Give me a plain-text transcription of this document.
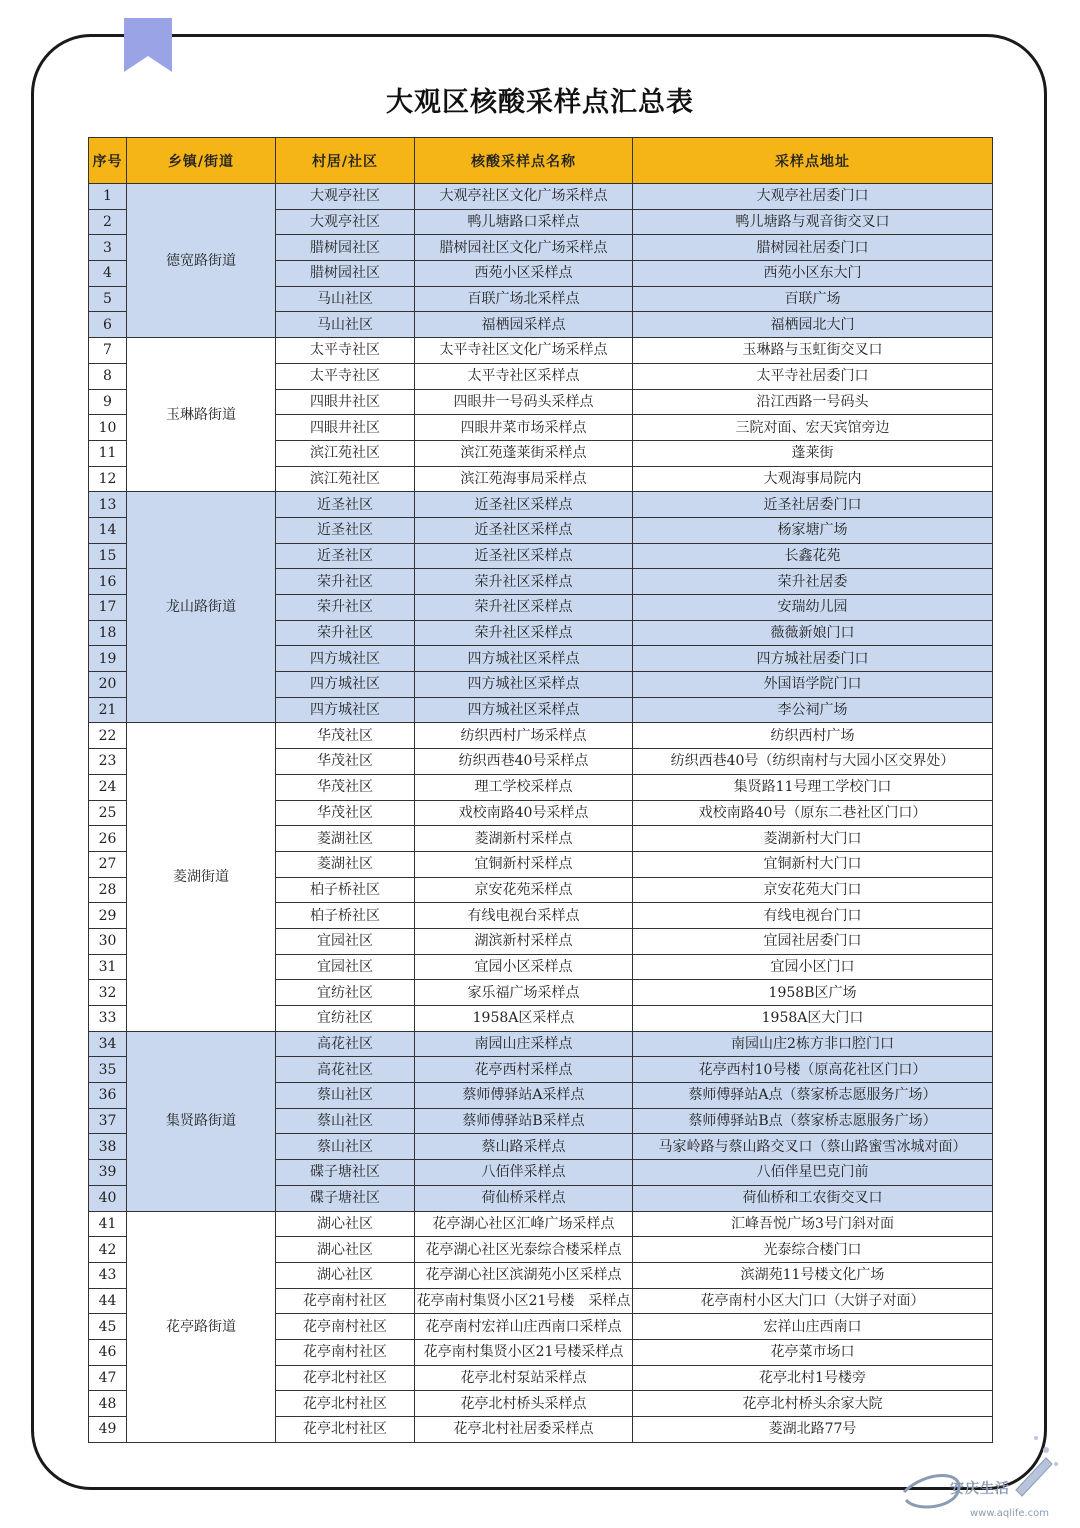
大观区核酸采样点汇总表
序号	乡镇/街道	村居/社区	核酸采样点名称	采样点地址
1	德宽路街道	大观亭社区	大观亭社区文化广场采样点	大观亭社居委门口
2		大观亭社区	鸭儿塘路口采样点	鸭儿塘路与观音街交叉口
3		腊树园社区	腊树园社区文化广场采样点	腊树园社居委门口
4		腊树园社区	西苑小区采样点	西苑小区东大门
5		马山社区	百联广场北采样点	百联广场
6		马山社区	福栖园采样点	福栖园北大门
7	玉琳路街道	太平寺社区	太平寺社区文化广场采样点	玉琳路与玉虹街交叉口
8		太平寺社区	太平寺社区采样点	太平寺社居委门口
9		四眼井社区	四眼井一号码头采样点	沿江西路一号码头
10		四眼井社区	四眼井菜市场采样点	三院对面、宏天宾馆旁边
11		滨江苑社区	滨江苑蓬莱街采样点	蓬莱街
12		滨江苑社区	滨江苑海事局采样点	大观海事局院内
13	龙山路街道	近圣社区	近圣社区采样点	近圣社居委门口
14		近圣社区	近圣社区采样点	杨家塘广场
15		近圣社区	近圣社区采样点	长鑫花苑
16		荣升社区	荣升社区采样点	荣升社居委
17		荣升社区	荣升社区采样点	安瑞幼儿园
18		荣升社区	荣升社区采样点	薇薇新娘门口
19		四方城社区	四方城社区采样点	四方城社居委门口
20		四方城社区	四方城社区采样点	外国语学院门口
21		四方城社区	四方城社区采样点	李公祠广场
22	菱湖街道	华茂社区	纺织西村广场采样点	纺织西村广场
23		华茂社区	纺织西巷40号采样点	纺织西巷40号（纺织南村与大园小区交界处）
24		华茂社区	理工学校采样点	集贤路11号理工学校门口
25		华茂社区	戏校南路40号采样点	戏校南路40号（原东二巷社区门口）
26		菱湖社区	菱湖新村采样点	菱湖新村大门口
27		菱湖社区	宜铜新村采样点	宜铜新村大门口
28		柏子桥社区	京安花苑采样点	京安花苑大门口
29		柏子桥社区	有线电视台采样点	有线电视台门口
30		宜园社区	湖滨新村采样点	宜园社居委门口
31		宜园社区	宜园小区采样点	宜园小区门口
32		宜纺社区	家乐福广场采样点	1958B区广场
33		宜纺社区	1958A区采样点	1958A区大门口
34	集贤路街道	高花社区	南园山庄采样点	南园山庄2栋方非口腔门口
35		高花社区	花亭西村采样点	花亭西村10号楼（原高花社区门口）
36		蔡山社区	蔡师傅驿站A采样点	蔡师傅驿站A点（蔡家桥志愿服务广场）
37		蔡山社区	蔡师傅驿站B采样点	蔡师傅驿站B点（蔡家桥志愿服务广场）
38		蔡山社区	蔡山路采样点	马家岭路与蔡山路交叉口（蔡山路蜜雪冰城对面）
39		碟子塘社区	八佰伴采样点	八佰伴星巴克门前
40		碟子塘社区	荷仙桥采样点	荷仙桥和工农街交叉口
41	花亭路街道	湖心社区	花亭湖心社区汇峰广场采样点	汇峰吾悦广场3号门斜对面
42		湖心社区	花亭湖心社区光泰综合楼采样点	光泰综合楼门口
43		湖心社区	花亭湖心社区滨湖苑小区采样点	滨湖苑11号楼文化广场
44		花亭南村社区	花亭南村集贤小区21号楼　采样点	花亭南村小区大门口（大饼子对面）
45		花亭南村社区	花亭南村宏祥山庄西南口采样点	宏祥山庄西南口
46		花亭南村社区	花亭南村集贤小区21号楼采样点	花亭菜市场口
47		花亭北村社区	花亭北村泵站采样点	花亭北村1号楼旁
48		花亭北村社区	花亭北村桥头采样点	花亭北村桥头余家大院
49		花亭北村社区	花亭北村社居委采样点	菱湖北路77号
安庆生活
www.aqlife.com
